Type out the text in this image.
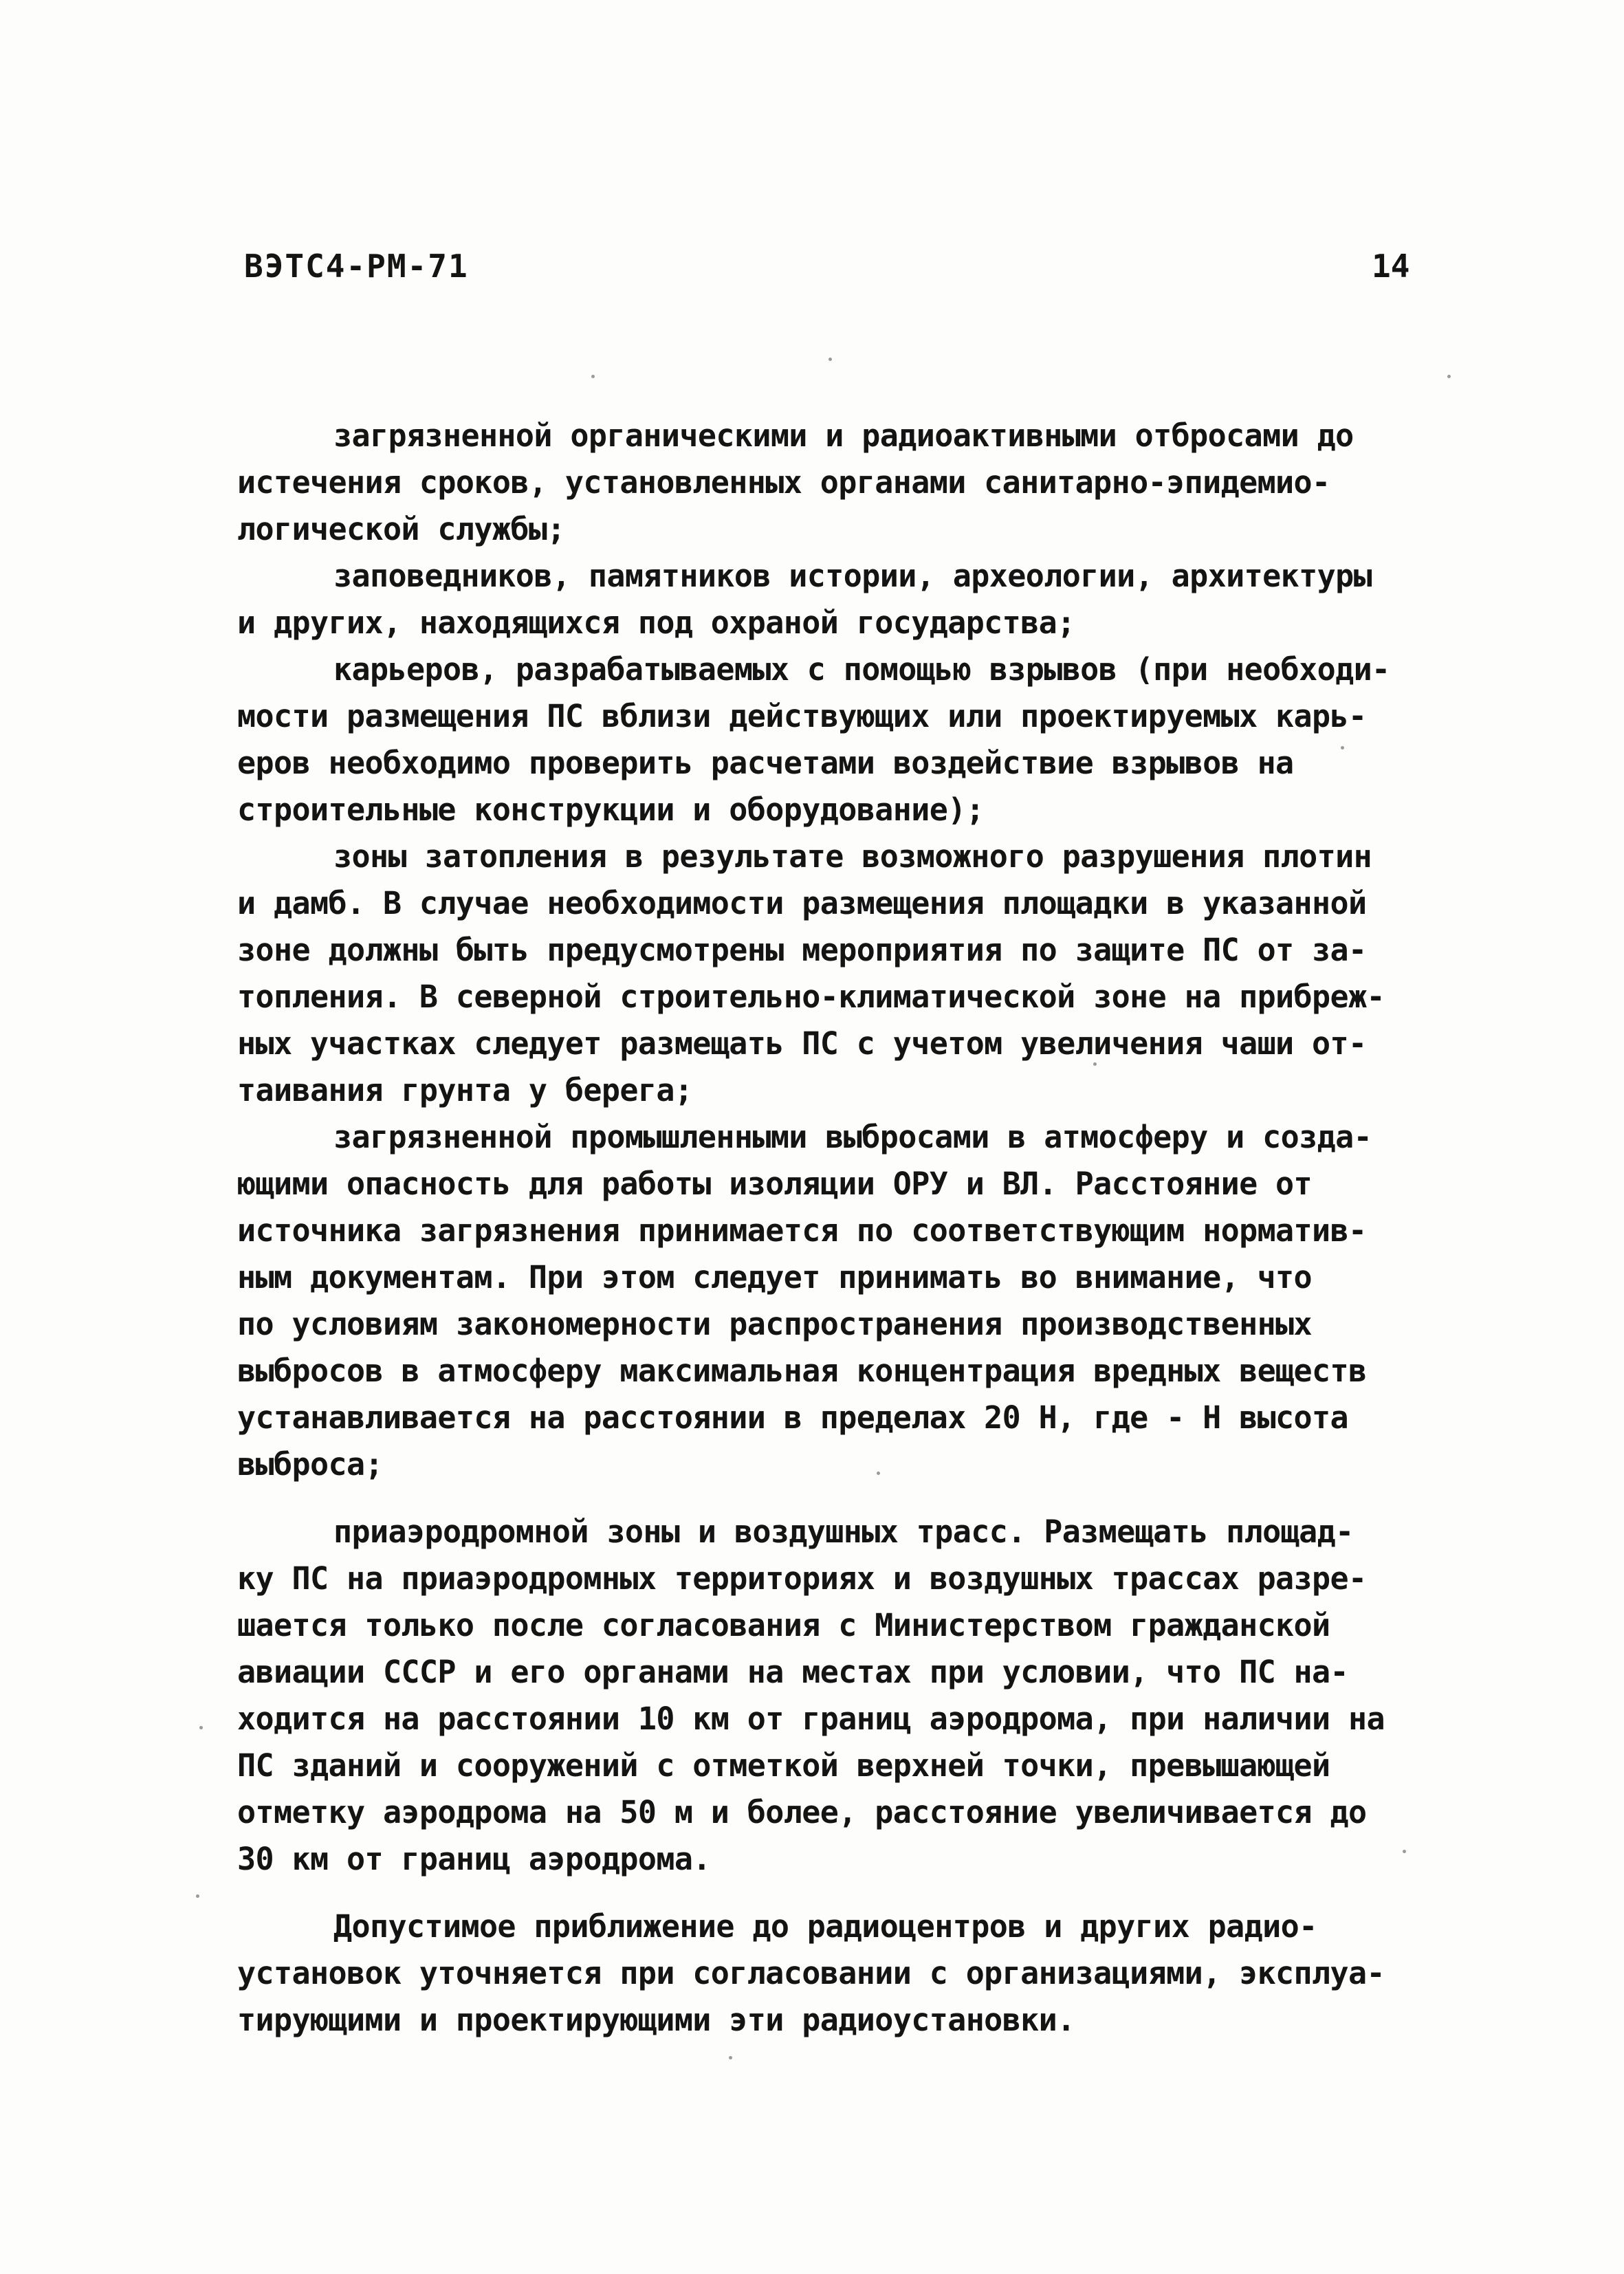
ВЭТС4-РМ-71	14
загрязненной органическими и радиоактивными отбросами до
истечения сроков, установленных органами санитарно-эпидемио-
логической службы;
заповедников, памятников истории, археологии, архитектуры
и других, находящихся под охраной государства;
карьеров, разрабатываемых с помощью взрывов (при необходи-
мости размещения ПС вблизи действующих или проектируемых карь-
еров необходимо проверить расчетами воздействие взрывов на
строительные конструкции и оборудование);
зоны затопления в результате возможного разрушения плотин
и дамб. В случае необходимости размещения площадки в указанной
зоне должны быть предусмотрены мероприятия по защите ПС от за-
топления. В северной строительно-климатической зоне на прибреж-
ных участках следует размещать ПС с учетом увеличения чаши от-
таивания грунта у берега;
загрязненной промышленными выбросами в атмосферу и созда-
ющими опасность для работы изоляции ОРУ и ВЛ. Расстояние от
источника загрязнения принимается по соответствующим норматив-
ным документам. При этом следует принимать во внимание, что
по условиям закономерности распространения производственных
выбросов в атмосферу максимальная концентрация вредных веществ
устанавливается на расстоянии в пределах 20 Н, где - Н высота
выброса;
приаэродромной зоны и воздушных трасс. Размещать площад-
ку ПС на приаэродромных территориях и воздушных трассах разре-
шается только после согласования с Министерством гражданской
авиации СССР и его органами на местах при условии, что ПС на-
ходится на расстоянии 10 км от границ аэродрома, при наличии на
ПС зданий и сооружений с отметкой верхней точки, превышающей
отметку аэродрома на 50 м и более, расстояние увеличивается до
30 км от границ аэродрома.
Допустимое приближение до радиоцентров и других радио-
установок уточняется при согласовании с организациями, эксплуа-
тирующими и проектирующими эти радиоустановки.
